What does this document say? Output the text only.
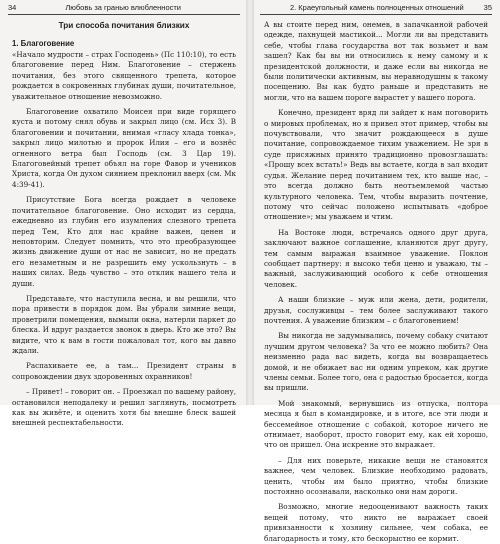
34	Любовь за гранью влюбленности
Три способа почитания близких
1. Благоговение

«Начало мудрости – страх Господень» (Пс 110:10), то есть благоговение перед Ним. Благоговение – стержень почитания, без этого священного трепета, которое рождается в сокровенных глубинах души, почитательное, уважительное отношение невозможно.

Благоговение охватило Моисея при виде горящего куста и потому снял обувь и закрыл лицо (см. Исх 3). В благоговении и почитании, внимая «гласу хлада тонка», закрыл лицо милотью и пророк Илия – его и вознёс огненного ветра был Господь (см. 3 Цар 19). Благоговейный трепет объял на горе Фавор и учеников Христа, когда Он духом сиянием преклонил вверх (см. Мк 4:39-41).

Присутствие Бога всегда рождает в человеке почитательное благоговение. Оно исходит из сердца, ежедневно из глубин его изумления слезного трепета перед Тем, Кто для нас крайне важен, ценен и неповторим. Следует помнить, что это преобразующее жизнь движение души от нас не зависит, но не предать его незаметным и не разрешить ему ускользнуть – в наших силах. Ведь чувство – это отклик нашего тела и души.

Представьте, что наступила весна, и вы решили, что пора привести в порядок дом. Вы убрали зимние вещи, проветрили помещения, вымыли окна, натерли паркет до блеска. И вдруг раздается звонок в дверь. Кто же это? Вы видите, что к вам в гости пожаловал тот, кого вы давно ждали.

Распахиваете ее, а там... Президент страны в сопровождении двух здоровенных охранников!

– Привет! – говорит он. – Проезжал по вашему району, остановился неподалеку и решил заглянуть, посмотреть как вы живёте, и оценить хотя бы внешне блеск вашей внешней респектабельности.

2. Краеугольный камень полноценных отношений	35

А вы стоите перед ним, онемев, в запачканной рабочей одежде, пахнущей мастикой... Могли ли вы представить себе, чтобы глава государства вот так возьмет и вам зашел? Как бы вы ни относились к нему самому и к президентской должности, и даже если вы никогда не были политически активным, вы неравнодушны к такому посещению. Вы как будто раньше и представить не могли, что на вашем пороге вырастет у вашего порога.

Конечно, президент вряд ли зайдет к нам поговорить о мировых проблемах, но я привел этот пример, чтобы вы почувствовали, что значит рождающееся в душе почитание, сопровождаемое тихим уважением. Не зря в суде присяжных принято традиционно провозглашать: «Прошу всех встать!» Ведь вы встаете, когда в зал входит судья. Желание перед почитанием тех, кто выше нас, – это всегда должно быть неотъемлемой частью культурного человека. Тем, чтобы выразить почтение, потому что сейчас положено испытывать «доброе отношение»; мы уважаем и чтим.

На Востоке люди, встречаясь одного друг друга, заключают важное соглашение, кланяются друг другу, тем самым выражая взаимное уважение. Поклон сообщает партнеру: я высоко тебя ценю и уважаю, ты – важный, заслуживающий особого к себе отношения человек.

А наши близкие – муж или жена, дети, родители, друзья, сослуживцы – тем более заслуживают такого почтения. А уважение близким – с благоговением!

Вы никогда не задумывались, почему собаку считают лучшим другом человека? За что ее можно любить? Она неизменно рада вас видеть, когда вы возвращаетесь домой, и не обижает вас ни одним упреком, как другие члены семьи. Более того, она с радостью бросается, когда вы пришли.

Мой знакомый, вернувшись из отпуска, полтора месяца я был в командировке, и в итоге, все эти люди и бессемейное отношение с собакой, которое ничего не отнимает, наоборот, просто говорит ему, как ей хорошо, что он пришел. Она искренне это выражает.

– Для них поверьте, никакие вещи не становятся важнее, чем человек. Близкие необходимо радовать, ценить, чтобы им было приятно, чтобы близкие постоянно осознавали, насколько они нам дороги.

Возможно, многие недооценивают важность таких вещей потому, что никто не выражает своей привязанности к хозяину сильнее, чем собака, ее благодарность и тому, кто бескорыстно ее кормит.
